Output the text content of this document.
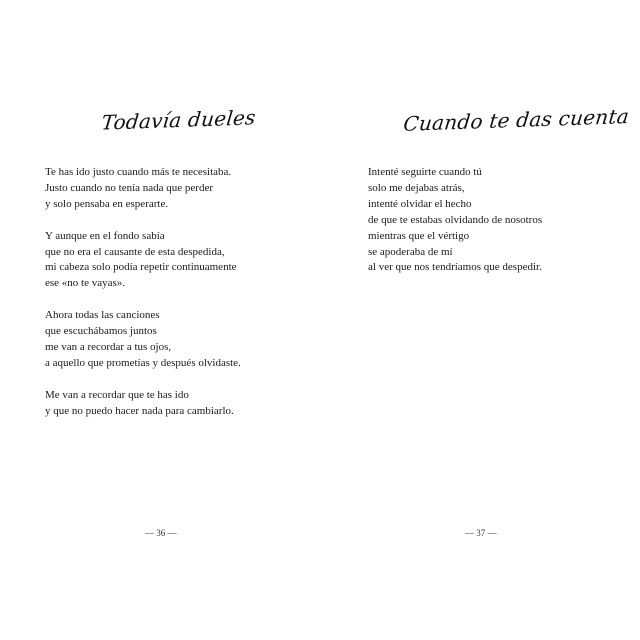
Todavía dueles
Te has ido justo cuando más te necesitaba.
Justo cuando no tenía nada que perder
y solo pensaba en esperarte.
Y aunque en el fondo sabía
que no era el causante de esta despedida,
mi cabeza solo podía repetir continuamente
ese «no te vayas».
Ahora todas las canciones
que escuchábamos juntos
me van a recordar a tus ojos,
a aquello que prometías y después olvidaste.
Me van a recordar que te has ido
y que no puedo hacer nada para cambiarlo.
— 36 —
Cuando te das cuenta
Intenté seguirte cuando tú
solo me dejabas atrás,
intenté olvidar el hecho
de que te estabas olvidando de nosotros
mientras que el vértigo
se apoderaba de mí
al ver que nos tendríamos que despedir.
— 37 —
